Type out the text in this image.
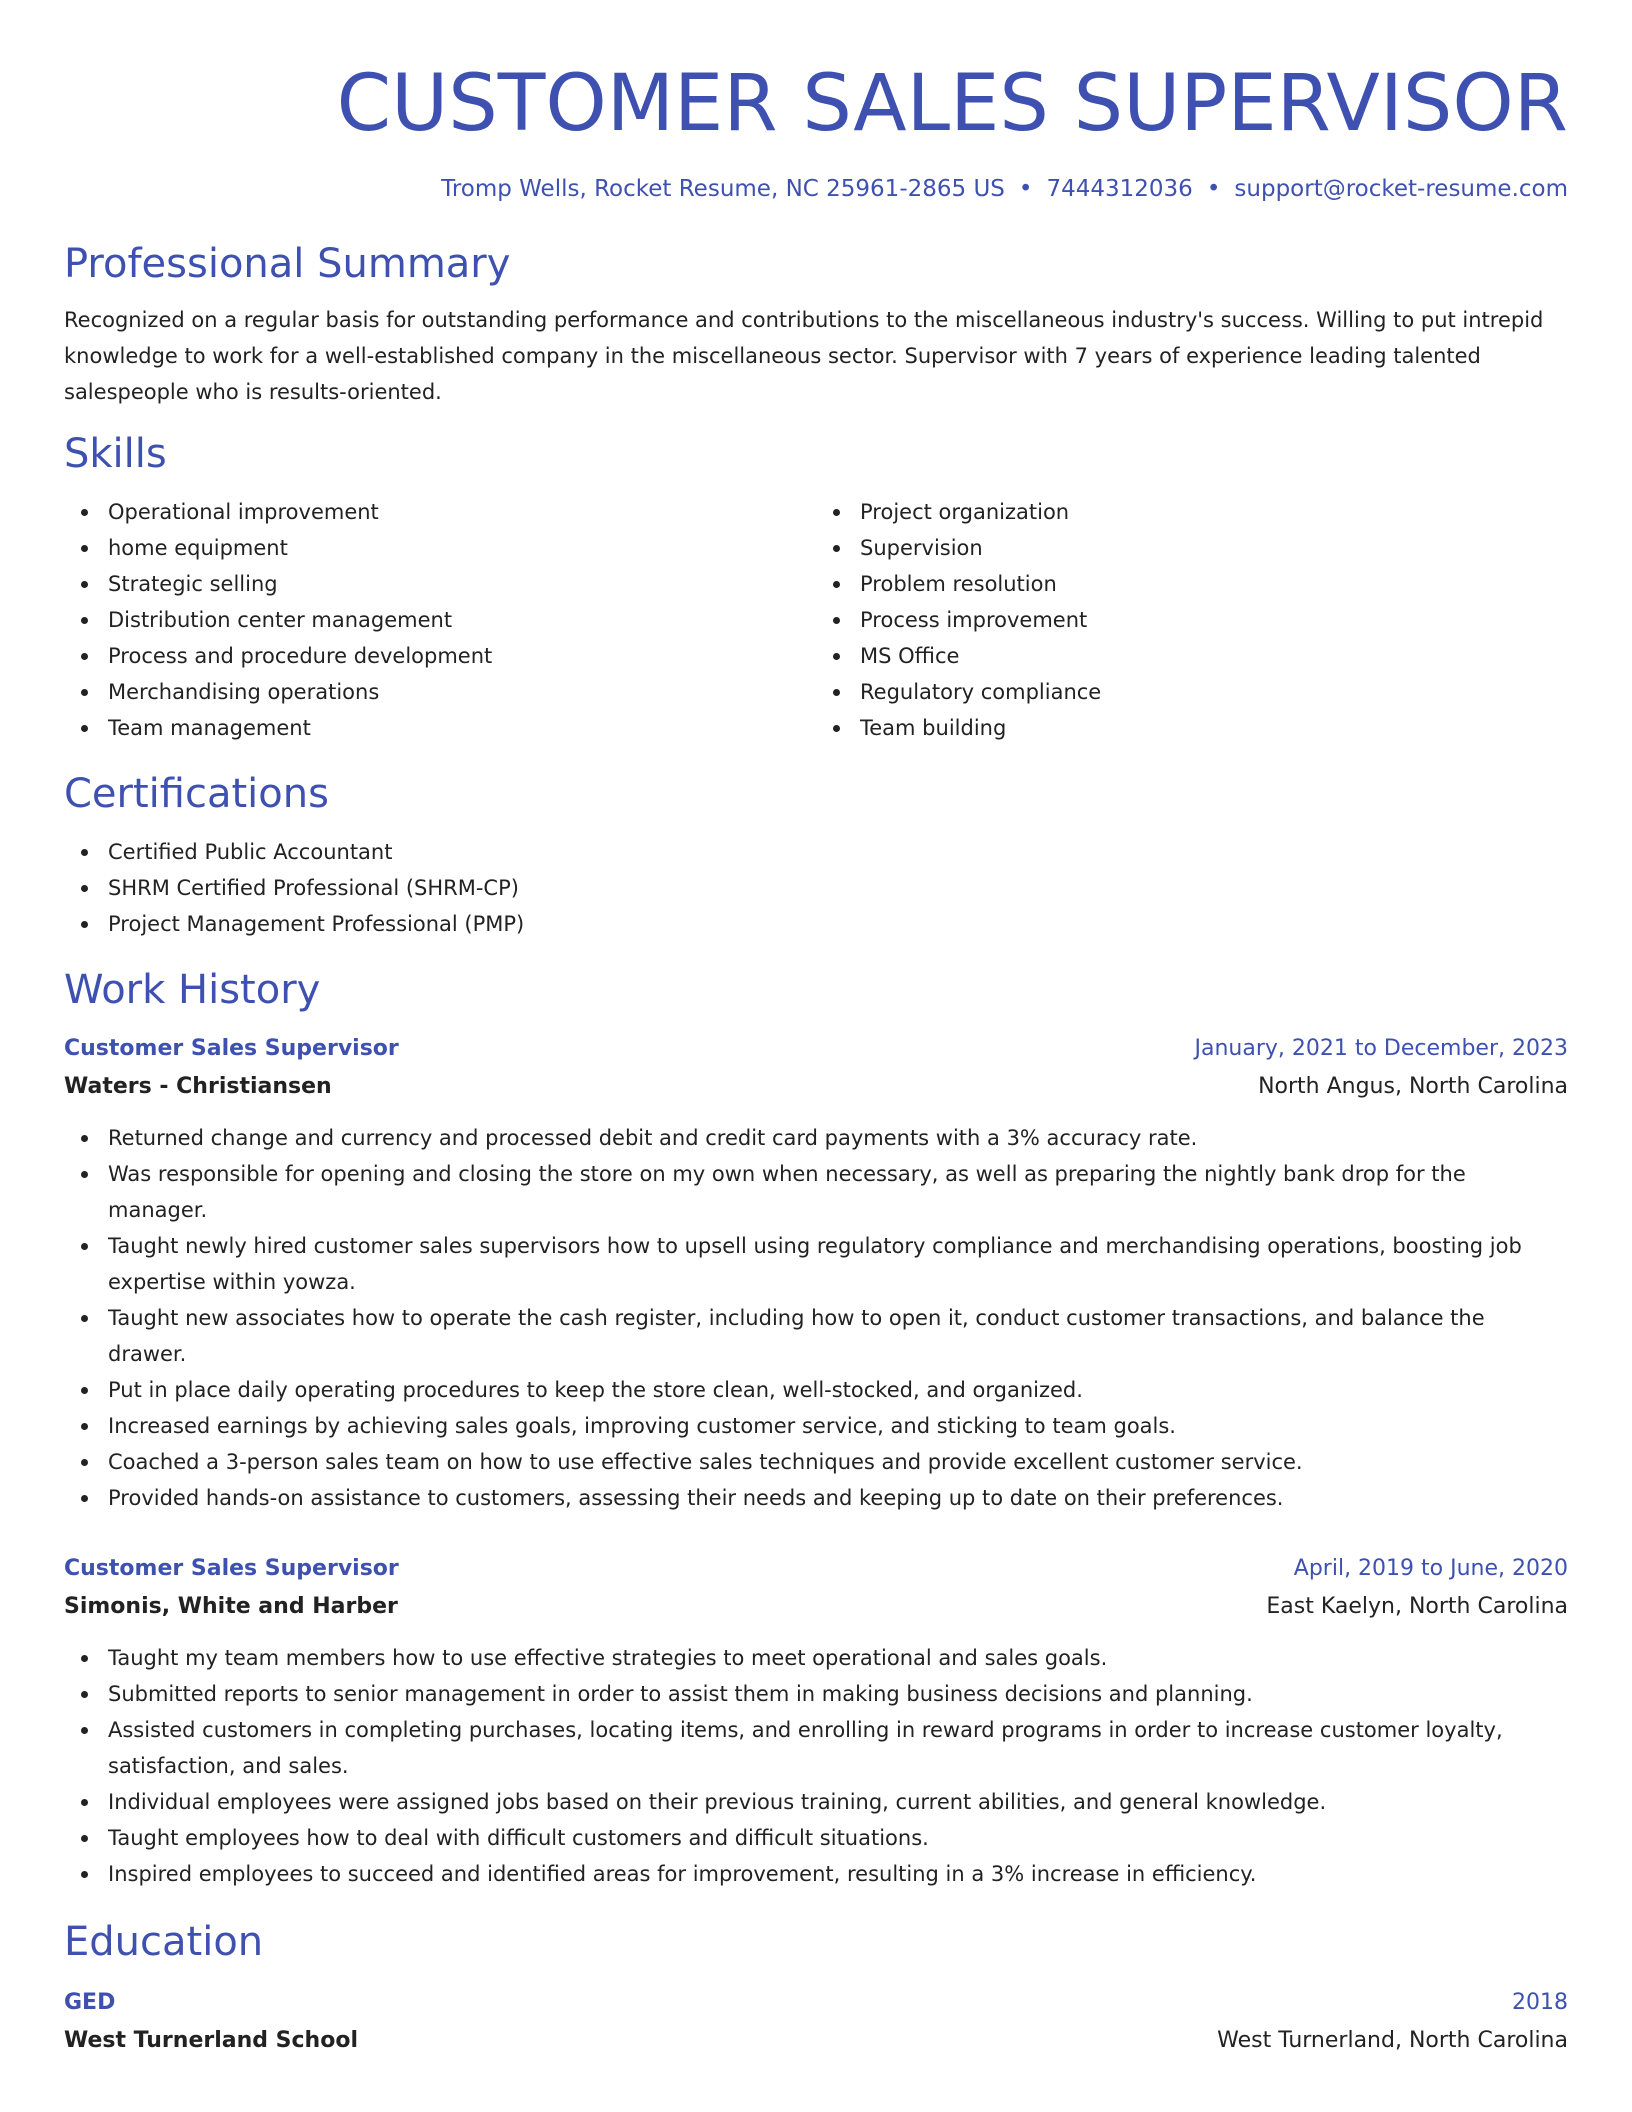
CUSTOMER SALES SUPERVISOR
Tromp Wells, Rocket Resume, NC 25961-2865 US • 7444312036 • support@rocket-resume.com
Professional Summary

Recognized on a regular basis for outstanding performance and contributions to the miscellaneous industry's success. Willing to put intrepid knowledge to work for a well-established company in the miscellaneous sector. Supervisor with 7 years of experience leading talented salespeople who is results-oriented.

Skills
Operational improvement
home equipment
Strategic selling
Distribution center management
Process and procedure development
Merchandising operations
Team management
Project organization
Supervision
Problem resolution
Process improvement
MS Office
Regulatory compliance
Team building
Certifications
Certified Public Accountant
SHRM Certified Professional (SHRM-CP)
Project Management Professional (PMP)
Work History
Customer Sales Supervisor	January, 2021 to December, 2023
Waters - Christiansen	North Angus, North Carolina
Returned change and currency and processed debit and credit card payments with a 3% accuracy rate.
Was responsible for opening and closing the store on my own when necessary, as well as preparing the nightly bank drop for the manager.
Taught newly hired customer sales supervisors how to upsell using regulatory compliance and merchandising operations, boosting job expertise within yowza.
Taught new associates how to operate the cash register, including how to open it, conduct customer transactions, and balance the drawer.
Put in place daily operating procedures to keep the store clean, well-stocked, and organized.
Increased earnings by achieving sales goals, improving customer service, and sticking to team goals.
Coached a 3-person sales team on how to use effective sales techniques and provide excellent customer service.
Provided hands-on assistance to customers, assessing their needs and keeping up to date on their preferences.
Customer Sales Supervisor	April, 2019 to June, 2020
Simonis, White and Harber	East Kaelyn, North Carolina
Taught my team members how to use effective strategies to meet operational and sales goals.
Submitted reports to senior management in order to assist them in making business decisions and planning.
Assisted customers in completing purchases, locating items, and enrolling in reward programs in order to increase customer loyalty, satisfaction, and sales.
Individual employees were assigned jobs based on their previous training, current abilities, and general knowledge.
Taught employees how to deal with difficult customers and difficult situations.
Inspired employees to succeed and identified areas for improvement, resulting in a 3% increase in efficiency.
Education
GED	2018
West Turnerland School	West Turnerland, North Carolina
